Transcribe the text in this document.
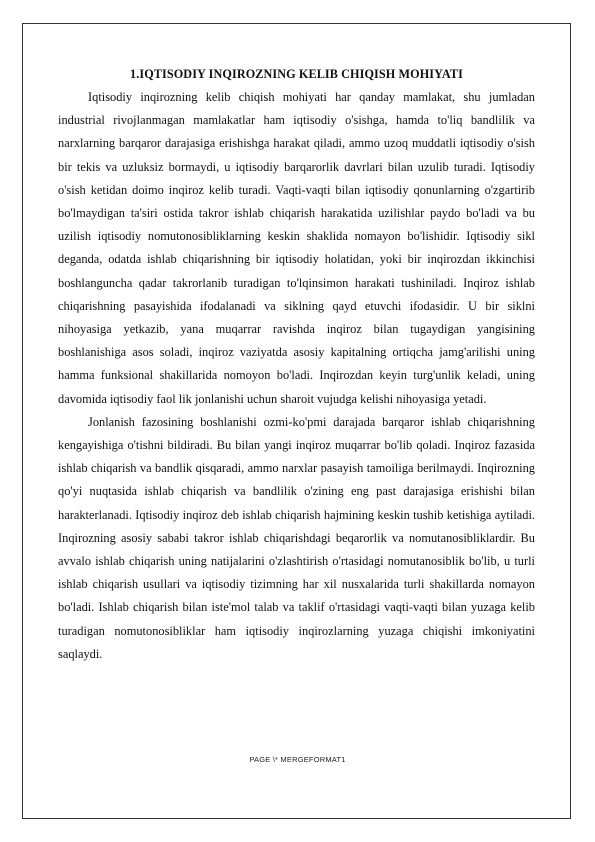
1.IQTISODIY INQIROZNING KELIB CHIQISH MOHIYATI

Iqtisodiy inqirozning kelib chiqish mohiyati har qanday mamlakat, shu jumladan industrial rivojlanmagan mamlakatlar ham iqtisodiy o'sishga, hamda to'liq bandlilik va narxlarning barqaror darajasiga erishishga harakat qiladi, ammo uzoq muddatli iqtisodiy o'sish bir tekis va uzluksiz bormaydi, u iqtisodiy barqarorlik davrlari bilan uzulib turadi. Iqtisodiy o'sish ketidan doimo inqiroz kelib turadi. Vaqti-vaqti bilan iqtisodiy qonunlarning o'zgartirib bo'lmaydigan ta'siri ostida takror ishlab chiqarish harakatida uzilishlar paydo bo'ladi va bu uzilish iqtisodiy nomutonosibliklarning keskin shaklida nomayon bo'lishidir. Iqtisodiy sikl deganda, odatda ishlab chiqarishning bir iqtisodiy holatidan, yoki bir inqirozdan ikkinchisi boshlanguncha qadar takrorlanib turadigan to'lqinsimon harakati tushiniladi. Inqiroz ishlab chiqarishning pasayishida ifodalanadi va siklning qayd etuvchi ifodasidir. U bir siklni nihoyasiga yetkazib, yana muqarrar ravishda inqiroz bilan tugaydigan yangisining boshlanishiga asos soladi, inqiroz vaziyatda asosiy kapitalning ortiqcha jamg'arilishi uning hamma funksional shakillarida nomoyon bo'ladi. Inqirozdan keyin turg'unlik keladi, uning davomida iqtisodiy faol lik jonlanishi uchun sharoit vujudga kelishi nihoyasiga yetadi.

Jonlanish fazosining boshlanishi ozmi-ko'pmi darajada barqaror ishlab chiqarishning kengayishiga o'tishni bildiradi. Bu bilan yangi inqiroz muqarrar bo'lib qoladi. Inqiroz fazasida ishlab chiqarish va bandlik qisqaradi, ammo narxlar pasayish tamoiliga berilmaydi. Inqirozning qo'yi nuqtasida ishlab chiqarish va bandlilik o'zining eng past darajasiga erishishi bilan harakterlanadi. Iqtisodiy inqiroz deb ishlab chiqarish hajmining keskin tushib ketishiga aytiladi. Inqirozning asosiy sababi takror ishlab chiqarishdagi beqarorlik va nomutanosibliklardir. Bu avvalo ishlab chiqarish uning natijalarini o'zlashtirish o'rtasidagi nomutanosiblik bo'lib, u turli ishlab chiqarish usullari va iqtisodiy tizimning har xil nusxalarida turli shakillarda nomayon bo'ladi. Ishlab chiqarish bilan iste'mol talab va taklif o'rtasidagi vaqti-vaqti bilan yuzaga kelib turadigan nomutonosibliklar ham iqtisodiy inqirozlarning yuzaga chiqishi imkoniyatini saqlaydi.

PAGE \* MERGEFORMAT1
